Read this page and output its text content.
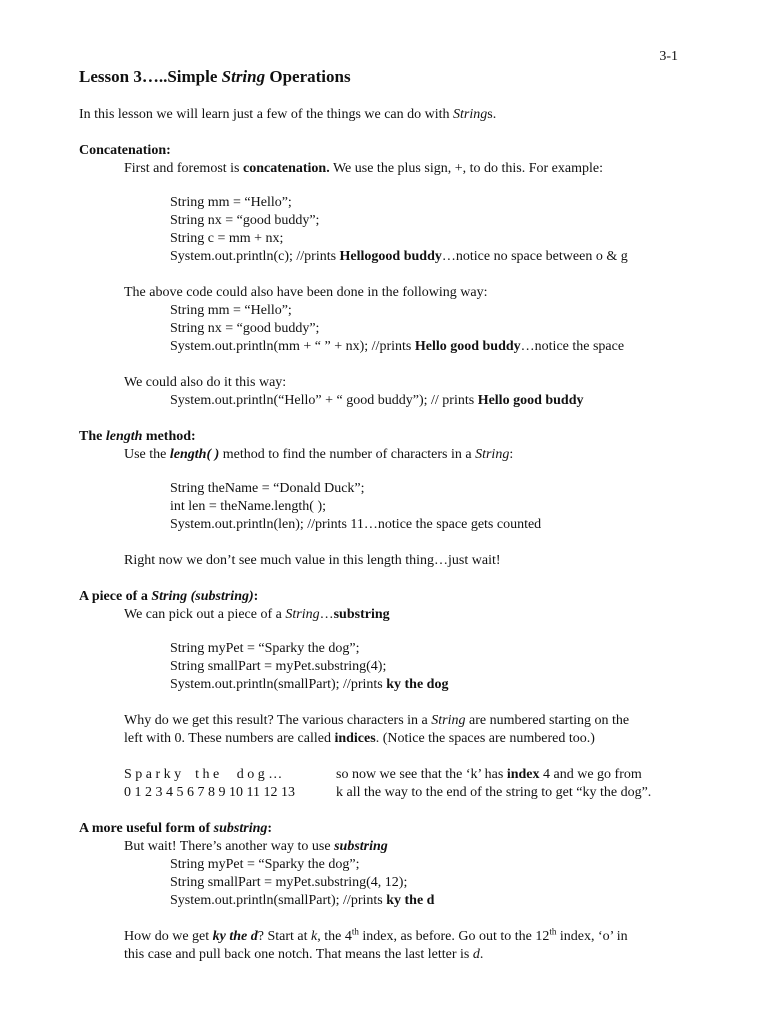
3-1
Lesson 3…..Simple String Operations
In this lesson we will learn just a few of the things we can do with Strings.
Concatenation:
First and foremost is concatenation. We use the plus sign, +, to do this. For example:
String mm = “Hello”;
String nx = “good buddy”;
String c = mm + nx;
System.out.println(c); //prints Hellogood buddy…notice no space between o & g
The above code could also have been done in the following way:
String mm = “Hello”;
String nx = “good buddy”;
System.out.println(mm + “ ” + nx); //prints Hello good buddy…notice the space
We could also do it this way:
System.out.println(“Hello” + “ good buddy”); // prints Hello good buddy
The length method:
Use the length( ) method to find the number of characters in a String:
String theName = “Donald Duck”;
int len = theName.length( );
System.out.println(len); //prints 11…notice the space gets counted
Right now we don’t see much value in this length thing…just wait!
A piece of a String (substring):
We can pick out a piece of a String…substring
String myPet = “Sparky the dog”;
String smallPart = myPet.substring(4);
System.out.println(smallPart); //prints ky the dog
Why do we get this result? The various characters in a String are numbered starting on the
left with 0. These numbers are called indices. (Notice the spaces are numbered too.)
S p a r k y    t h e     d o g …	so now we see that the ‘k’ has index 4 and we go from
0 1 2 3 4 5 6 7 8 9 10 11 12 13	k all the way to the end of the string to get “ky the dog”.
A more useful form of substring:
But wait! There’s another way to use substring
String myPet = “Sparky the dog”;
String smallPart = myPet.substring(4, 12);
System.out.println(smallPart); //prints ky the d
How do we get ky the d? Start at k, the 4th index, as before. Go out to the 12th index, ‘o’ in
this case and pull back one notch. That means the last letter is d.
